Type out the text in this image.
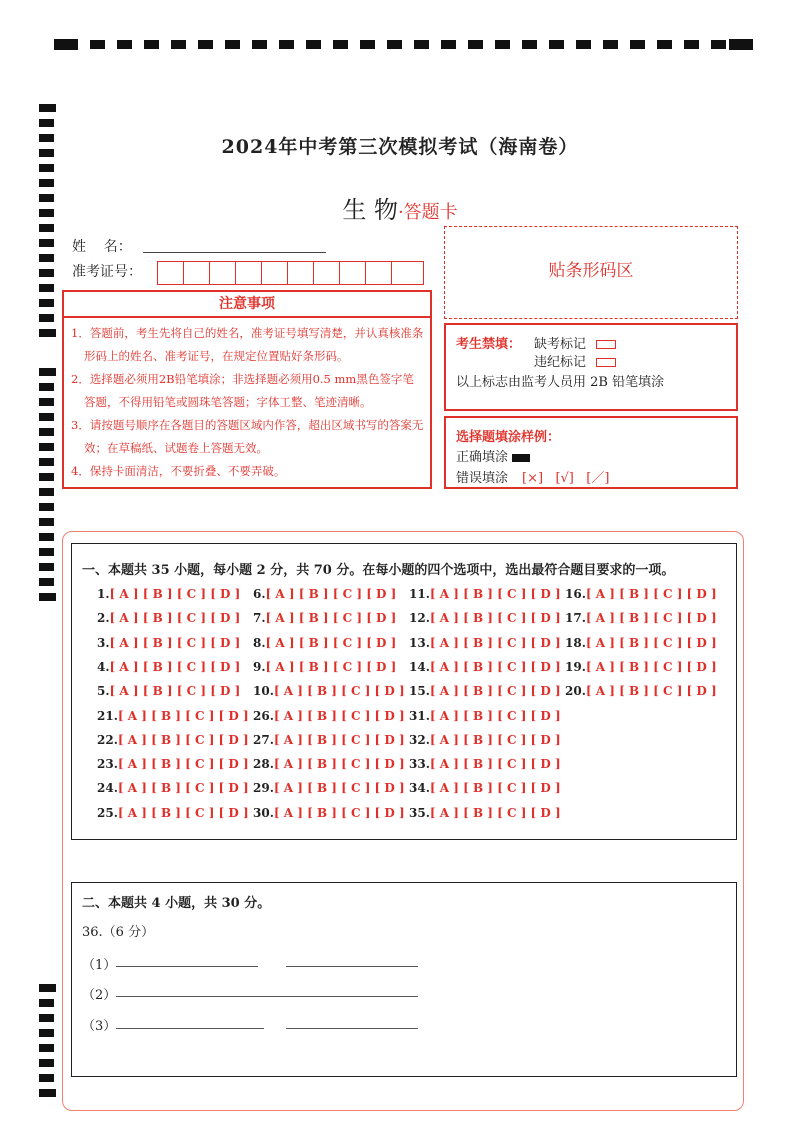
2024年中考第三次模拟考试（海南卷）
生 物·答题卡
姓    名：
准考证号：
注意事项
1．答题前，考生先将自己的姓名，准考证号填写清楚，并认真核准条形码上的姓名、准考证号，在规定位置贴好条形码。
2．选择题必须用2B铅笔填涂；非选择题必须用0.5 mm黑色签字笔答题，不得用铅笔或圆珠笔答题；字体工整、笔迹清晰。
3．请按题号顺序在各题目的答题区域内作答，超出区域书写的答案无效；在草稿纸、试题卷上答题无效。
4．保持卡面清洁，不要折叠、不要弄破。
贴条形码区
考生禁填： 缺考标记
违纪标记
以上标志由监考人员用 2B 铅笔填涂
选择题填涂样例：
正确填涂
错误填涂 [×]   [√]   [／]
一、本题共 35 小题，每小题 2 分，共 70 分。在每小题的四个选项中，选出最符合题目要求的一项。
1.[ A ] [ B ] [ C ] [ D ]
2.[ A ] [ B ] [ C ] [ D ]
3.[ A ] [ B ] [ C ] [ D ]
4.[ A ] [ B ] [ C ] [ D ]
5.[ A ] [ B ] [ C ] [ D ]
6.[ A ] [ B ] [ C ] [ D ]
7.[ A ] [ B ] [ C ] [ D ]
8.[ A ] [ B ] [ C ] [ D ]
9.[ A ] [ B ] [ C ] [ D ]
10.[ A ] [ B ] [ C ] [ D ]
11.[ A ] [ B ] [ C ] [ D ]
12.[ A ] [ B ] [ C ] [ D ]
13.[ A ] [ B ] [ C ] [ D ]
14.[ A ] [ B ] [ C ] [ D ]
15.[ A ] [ B ] [ C ] [ D ]
16.[ A ] [ B ] [ C ] [ D ]
17.[ A ] [ B ] [ C ] [ D ]
18.[ A ] [ B ] [ C ] [ D ]
19.[ A ] [ B ] [ C ] [ D ]
20.[ A ] [ B ] [ C ] [ D ]
21.[ A ] [ B ] [ C ] [ D ]
22.[ A ] [ B ] [ C ] [ D ]
23.[ A ] [ B ] [ C ] [ D ]
24.[ A ] [ B ] [ C ] [ D ]
25.[ A ] [ B ] [ C ] [ D ]
26.[ A ] [ B ] [ C ] [ D ]
27.[ A ] [ B ] [ C ] [ D ]
28.[ A ] [ B ] [ C ] [ D ]
29.[ A ] [ B ] [ C ] [ D ]
30.[ A ] [ B ] [ C ] [ D ]
31.[ A ] [ B ] [ C ] [ D ]
32.[ A ] [ B ] [ C ] [ D ]
33.[ A ] [ B ] [ C ] [ D ]
34.[ A ] [ B ] [ C ] [ D ]
35.[ A ] [ B ] [ C ] [ D ]
二、本题共 4 小题，共 30 分。
36.（6 分）
（1）
（2）
（3）
